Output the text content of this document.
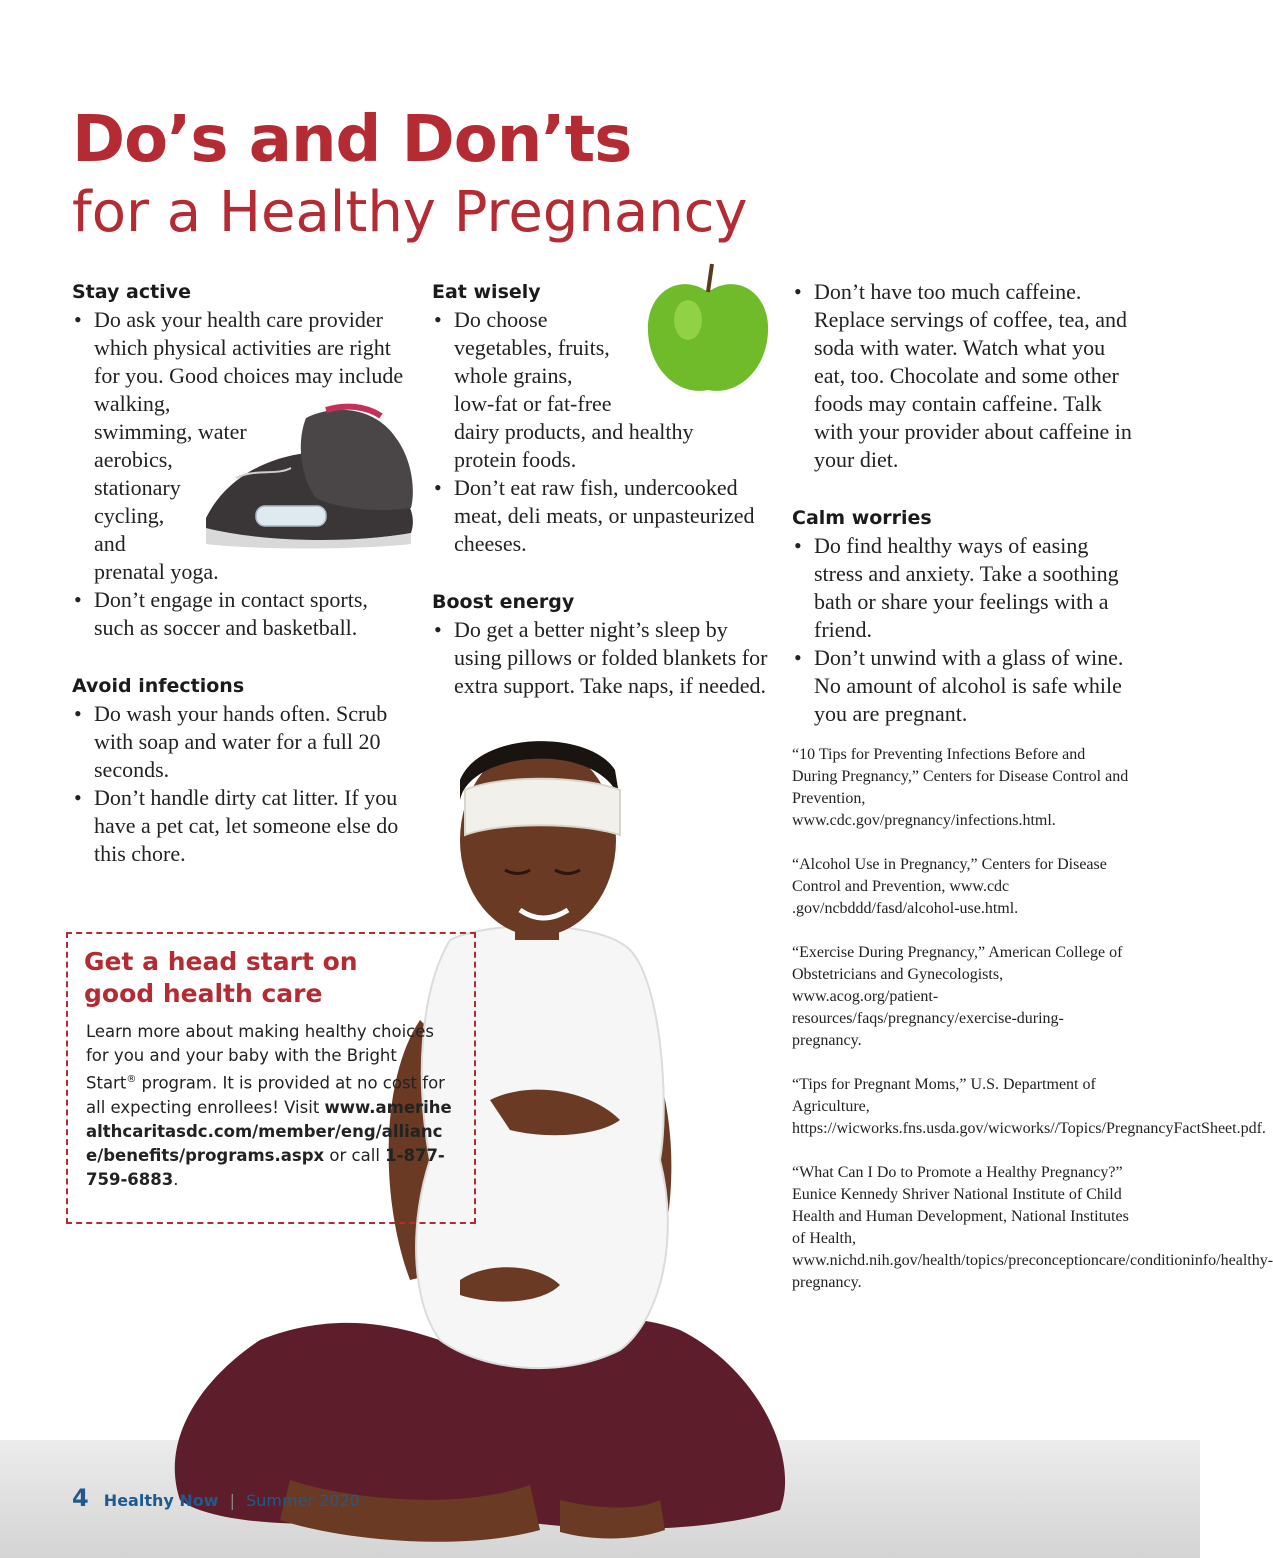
Do’s and Don’ts
for a Healthy Pregnancy
Stay active
• Do ask your health care provider which physical activities are right for you. Good choices may include walking,
swimming, water
aerobics,
stationary
cycling,
and
prenatal yoga.
• Don’t engage in contact sports, such as soccer and basketball.
Avoid infections
• Do wash your hands often. Scrub with soap and water for a full 20 seconds.
• Don’t handle dirty cat litter. If you have a pet cat, let someone else do this chore.
Eat wisely
• Do choose
vegetables, fruits,
whole grains,
low-fat or fat-free
dairy products, and healthy
protein foods.
• Don’t eat raw fish, undercooked meat, deli meats, or unpasteurized cheeses.
Boost energy
• Do get a better night’s sleep by using pillows or folded blankets for extra support. Take naps, if needed.
• Don’t have too much caffeine. Replace servings of coffee, tea, and soda with water. Watch what you eat, too. Chocolate and some other foods may contain caffeine. Talk with your provider about caffeine in your diet.
Calm worries
• Do find healthy ways of easing stress and anxiety. Take a soothing bath or share your feelings with a friend.
• Don’t unwind with a glass of wine. No amount of alcohol is safe while you are pregnant.

“10 Tips for Preventing Infections Before and During Pregnancy,” Centers for Disease Control and Prevention, www.cdc.gov/pregnancy/infections.html.

“Alcohol Use in Pregnancy,” Centers for Disease Control and Prevention, www.cdc .gov/ncbddd/fasd/alcohol-use.html.

“Exercise During Pregnancy,” American College of Obstetricians and Gynecologists, www.acog.org/patient-resources/faqs/pregnancy/exercise-during-pregnancy.

“Tips for Pregnant Moms,” U.S. Department of Agriculture, https://wicworks.fns.usda.gov/wicworks//Topics/PregnancyFactSheet.pdf.

“What Can I Do to Promote a Healthy Pregnancy?” Eunice Kennedy Shriver National Institute of Child Health and Human Development, National Institutes of Health, www.nichd.nih.gov/health/topics/preconceptioncare/conditioninfo/healthy-pregnancy.

Get a head start on good health care

Learn more about making healthy choices for you and your baby with the Bright Start® program. It is provided at no cost for all expecting enrollees! Visit www.amerihealthcaritasdc.com/member/eng/alliance/benefits/programs.aspx or call 1-877-759-6883.

4 Healthy Now | Summer 2020
